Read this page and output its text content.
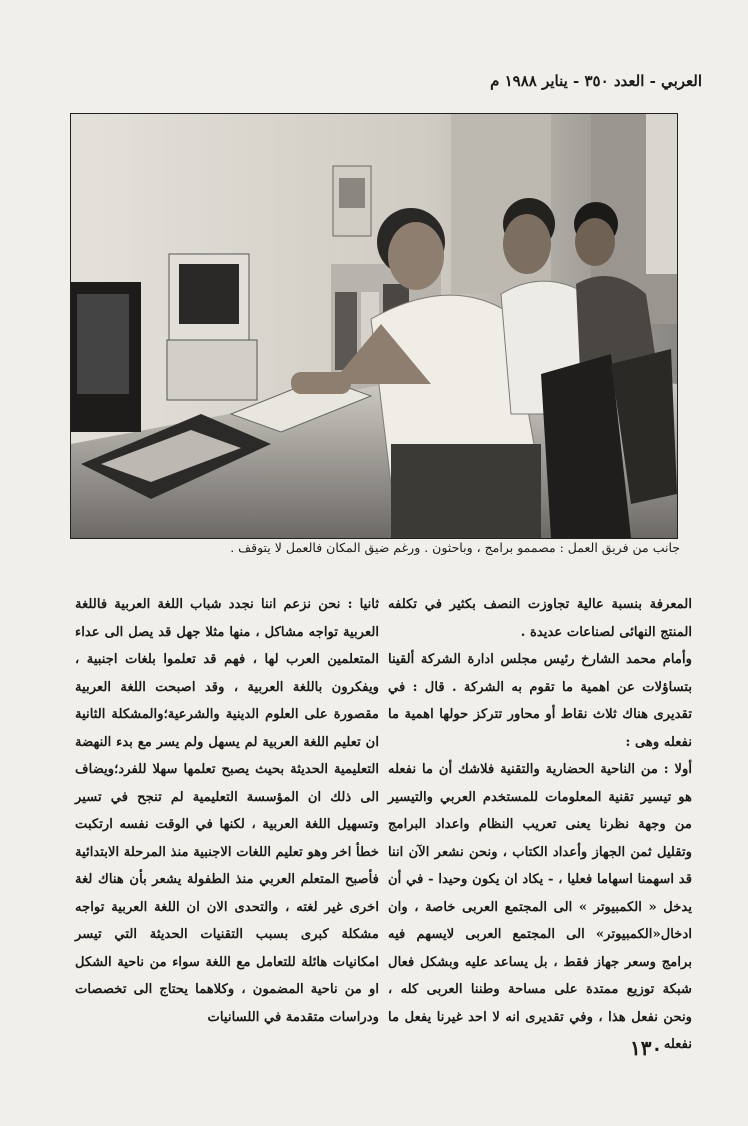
العربي - العدد ٣٥٠ - يناير ١٩٨٨ م
جانب من فريق العمل : مصممو برامج ، وباحثون . ورغم ضيق المكان فالعمل لا يتوقف .

المعرفة بنسبة عالية تجاوزت النصف بكثير في تكلفه المنتج النهائى لصناعات عديدة .

وأمام محمد الشارخ رئيس مجلس ادارة الشركة ألقينا بتساؤلات عن اهمية ما تقوم به الشركة . قال : في تقديرى هناك ثلاث نقاط أو محاور تتركز حولها اهمية ما نفعله وهى :

أولا : من الناحية الحضارية والتقنية فلاشك أن ما نفعله هو تيسير تقنية المعلومات للمستخدم العربي والتيسير من وجهة نظرنا يعنى تعريب النظام واعداد البرامج وتقليل ثمن الجهاز وأعداد الكتاب ، ونحن نشعر الآن اننا قد اسهمنا اسهاما فعليا ، - يكاد ان يكون وحيدا - في أن يدخل « الكمبيوتر » الى المجتمع العربى خاصة ، وان ادخال«الكمبيوتر» الى المجتمع العربى لايسهم فيه برامج وسعر جهاز فقط ، بل يساعد عليه وبشكل فعال شبكة توزيع ممتدة على مساحة وطننا العربى كله ، ونحن نفعل هذا ، وفي تقديرى انه لا احد غيرنا يفعل ما نفعله

ثانيا : نحن نزعم اننا نجدد شباب اللغة العربية فاللغة العربية تواجه مشاكل ، منها مثلا جهل قد يصل الى عداء المتعلمين العرب لها ، فهم قد تعلموا بلغات اجنبية ، ويفكرون باللغة العربية ، وقد اصبحت اللغة العربية مقصورة على العلوم الدينية والشرعية؛والمشكلة الثانية ان تعليم اللغة العربية لم يسهل ولم يسر مع بدء النهضة التعليمية الحديثة بحيث يصبح تعلمها سهلا للفرد؛ويضاف الى ذلك ان المؤسسة التعليمية لم تنجح في تسير وتسهيل اللغة العربية ، لكنها في الوقت نفسه ارتكبت خطأ اخر وهو تعليم اللغات الاجنبية منذ المرحلة الابتدائية فأصبح المتعلم العربي منذ الطفولة يشعر بأن هناك لغة اخرى غير لغته ، والتحدى الان ان اللغة العربية تواجه مشكلة كبرى بسبب التقنيات الحديثة التي تيسر امكانيات هائلة للتعامل مع اللغة سواء من ناحية الشكل او من ناحية المضمون ، وكلاهما يحتاج الى تخصصات ودراسات متقدمة في اللسانيات

١٣٠
